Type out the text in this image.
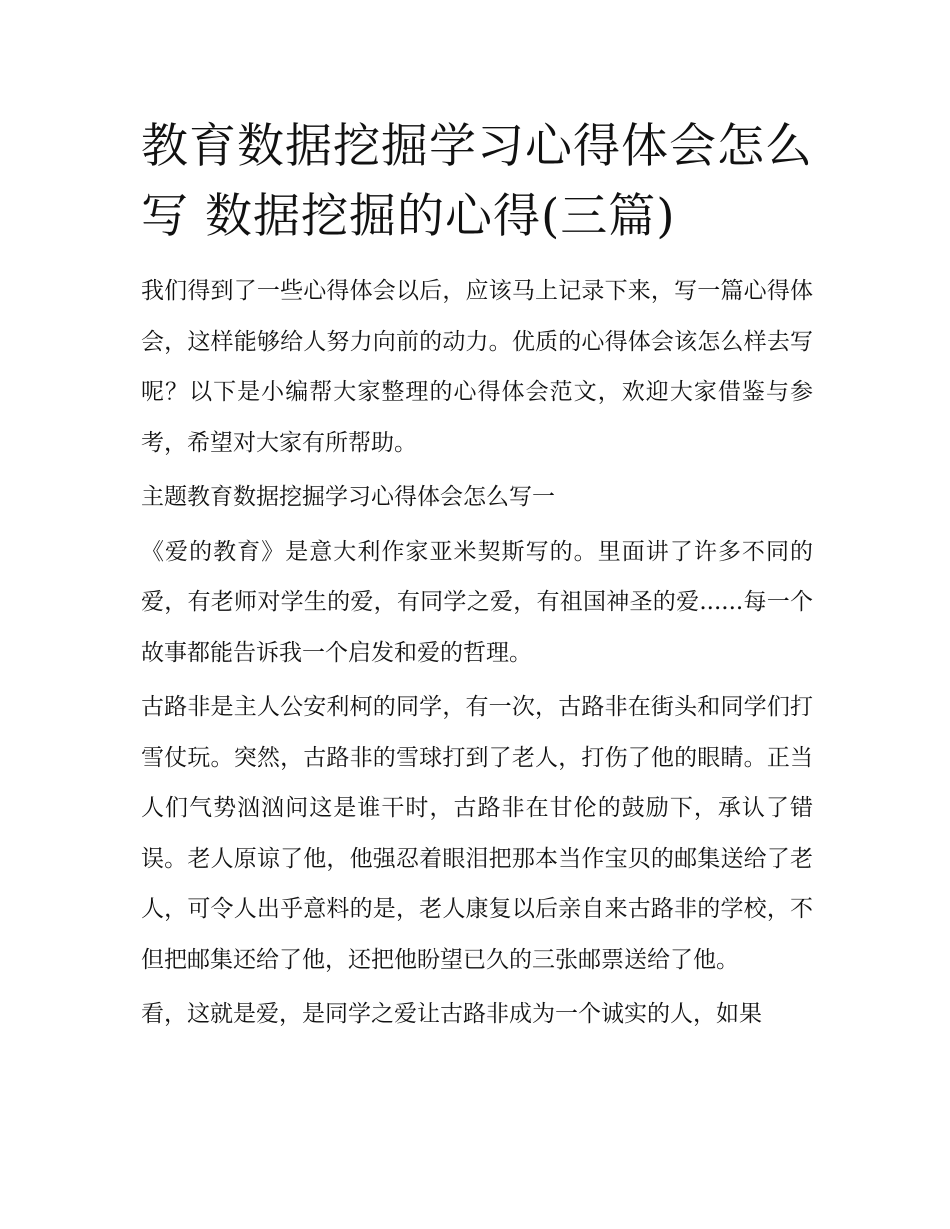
教育数据挖掘学习心得体会怎么写 数据挖掘的心得(三篇)

我们得到了一些心得体会以后，应该马上记录下来，写一篇心得体会，这样能够给人努力向前的动力。优质的心得体会该怎么样去写呢？以下是小编帮大家整理的心得体会范文，欢迎大家借鉴与参考，希望对大家有所帮助。

主题教育数据挖掘学习心得体会怎么写一

《爱的教育》是意大利作家亚米契斯写的。里面讲了许多不同的爱，有老师对学生的爱，有同学之爱，有祖国神圣的爱......每一个故事都能告诉我一个启发和爱的哲理。

古路非是主人公安利柯的同学，有一次，古路非在街头和同学们打雪仗玩。突然，古路非的雪球打到了老人，打伤了他的眼睛。正当人们气势汹汹问这是谁干时，古路非在甘伦的鼓励下，承认了错误。老人原谅了他，他强忍着眼泪把那本当作宝贝的邮集送给了老人，可令人出乎意料的是，老人康复以后亲自来古路非的学校，不但把邮集还给了他，还把他盼望已久的三张邮票送给了他。

看，这就是爱，是同学之爱让古路非成为一个诚实的人，如果
